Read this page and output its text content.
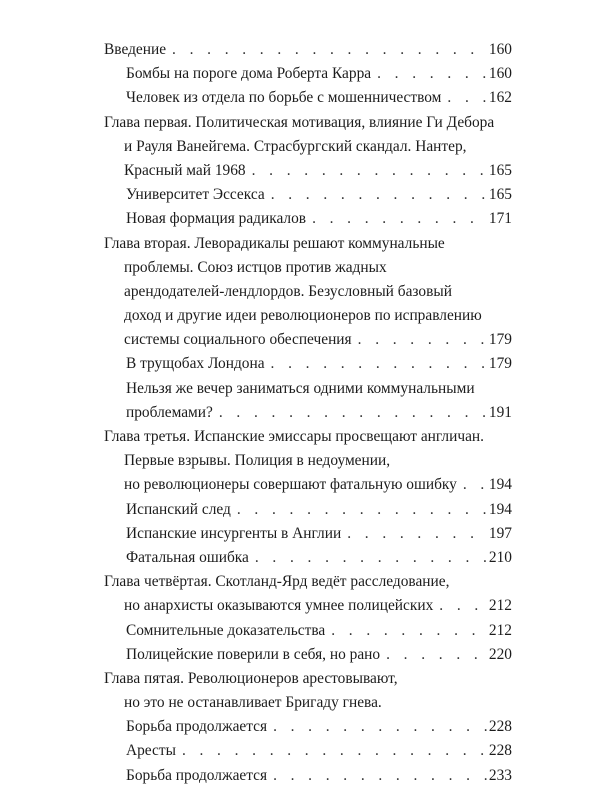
Введение . . .	160
Бомбы на пороге дома Роберта Карра . . .	160
Человек из отдела по борьбе с мошенничеством . . .	162
Глава первая. Политическая мотивация, влияние Ги Дебора
и Рауля Ванейгема. Страсбургский скандал. Нантер,
Красный май 1968 . . .	165
Университет Эссекса . . .	165
Новая формация радикалов . . .	171
Глава вторая. Леворадикалы решают коммунальные
проблемы. Союз истцов против жадных
арендодателей-лендлордов. Безусловный базовый
доход и другие идеи революционеров по исправлению
системы социального обеспечения . . .	179
В трущобах Лондона . . .	179
Нельзя же вечер заниматься одними коммунальными
проблемами? . . .	191
Глава третья. Испанские эмиссары просвещают англичан.
Первые взрывы. Полиция в недоумении,
но революционеры совершают фатальную ошибку . . . 194
Испанский след . . .	194
Испанские инсургенты в Англии . . .	197
Фатальная ошибка . . .	210
Глава четвёртая. Скотланд-Ярд ведёт расследование,
но анархисты оказываются умнее полицейских . . .	212
Сомнительные доказательства . . .	212
Полицейские поверили в себя, но рано . . .	220
Глава пятая. Революционеров арестовывают,
но это не останавливает Бригаду гнева.
Борьба продолжается . . .	228
Аресты . . .	228
Борьба продолжается . . .	233
